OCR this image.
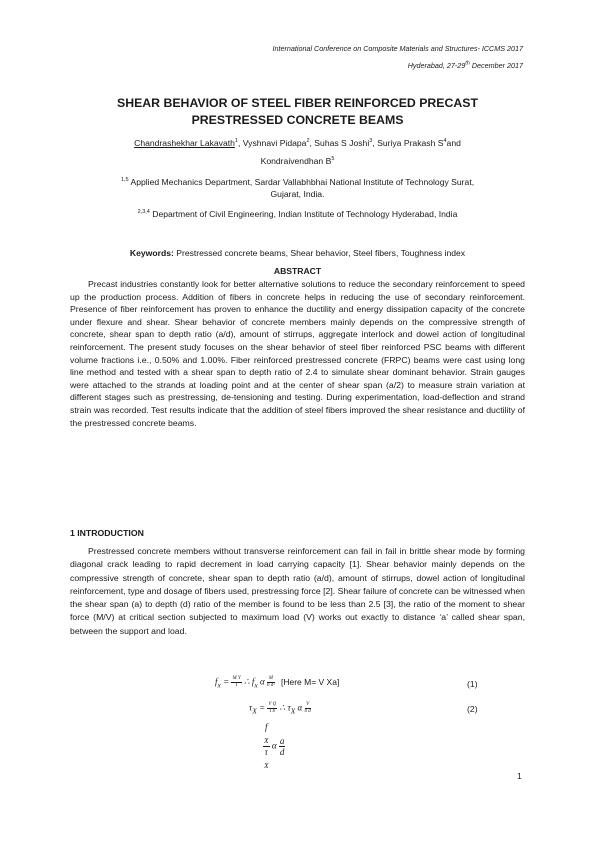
International Conference on Composite Materials and Structures- ICCMS 2017
Hyderabad, 27-29th December 2017
SHEAR BEHAVIOR OF STEEL FIBER REINFORCED PRECAST PRESTRESSED CONCRETE BEAMS
Chandrashekhar Lakavath$^1$, Vyshnavi Pidapa$^2$, Suhas S Joshi$^3$, Suriya Prakash $S^4and$
Kondraivendhan $B^5$
$^{1,5}$ Applied Mechanics Department, Sardar Vallabhbhai National Institute of Technology Surat,
Gujarat, India.
$^{2,3,4}$ Department of Civil Engineering, Indian Institute of Technology Hyderabad, India
Keywords: Prestressed concrete beams, Shear behavior, Steel fibers, Toughness index
ABSTRACT
Precast industries constantly look for better alternative solutions to reduce the secondary reinforcement to speed up the production process. Addition of fibers in concrete helps in reducing the use of secondary reinforcement. Presence of fiber reinforcement has proven to enhance the ductility and energy dissipation capacity of the concrete under flexure and shear. Shear behavior of concrete members mainly depends on the compressive strength of concrete, shear span to depth ratio (a/d), amount of stirrups, aggregate interlock and dowel action of longitudinal reinforcement. The present study focuses on the shear behavior of steel fiber reinforced PSC beams with different volume fractions i.e., 0.50% and 1.00%. Fiber reinforced prestressed concrete (FRPC) beams were cast using long line method and tested with a shear span to depth ratio of 2.4 to simulate shear dominant behavior. Strain gauges were attached to the strands at loading point and at the center of shear span (a/2) to measure strain variation at different stages such as prestressing, de-tensioning and testing. During experimentation, load-deflection and strand strain was recorded. Test results indicate that the addition of steel fibers improved the shear resistance and ductility of the prestressed concrete beams.
1 INTRODUCTION
Prestressed concrete members without transverse reinforcement can fail in fail in brittle shear mode by forming diagonal crack leading to rapid decrement in load carrying capacity [1]. Shear behavior mainly depends on the compressive strength of concrete, shear span to depth ratio (a/d), amount of stirrups, dowel action of longitudinal reinforcement, type and dosage of fibers used, prestressing force [2]. Shear failure of concrete can be witnessed when the shear span (a) to depth (d) ratio of the member is found to be less than 2.5 [3], the ratio of the moment to shear force (M/V) at critical section subjected to maximum load (V) works out exactly to distance ‘a’ called shear span, between the support and load.
$f_x = \frac{\text{M Y}}{I}$ ∴ $f_x$ α $\frac{M}{\text{b d²}}$ [Here M= V Xa]	(1)
$\tau_X = \frac{\text{V Q}}{\text{I b}}$ ∴ $\tau_X$ α $\frac{V}{\text{b d}}$	(2)
f
$_X$
τ
$_X$ α $\frac{a}{d}$
1
